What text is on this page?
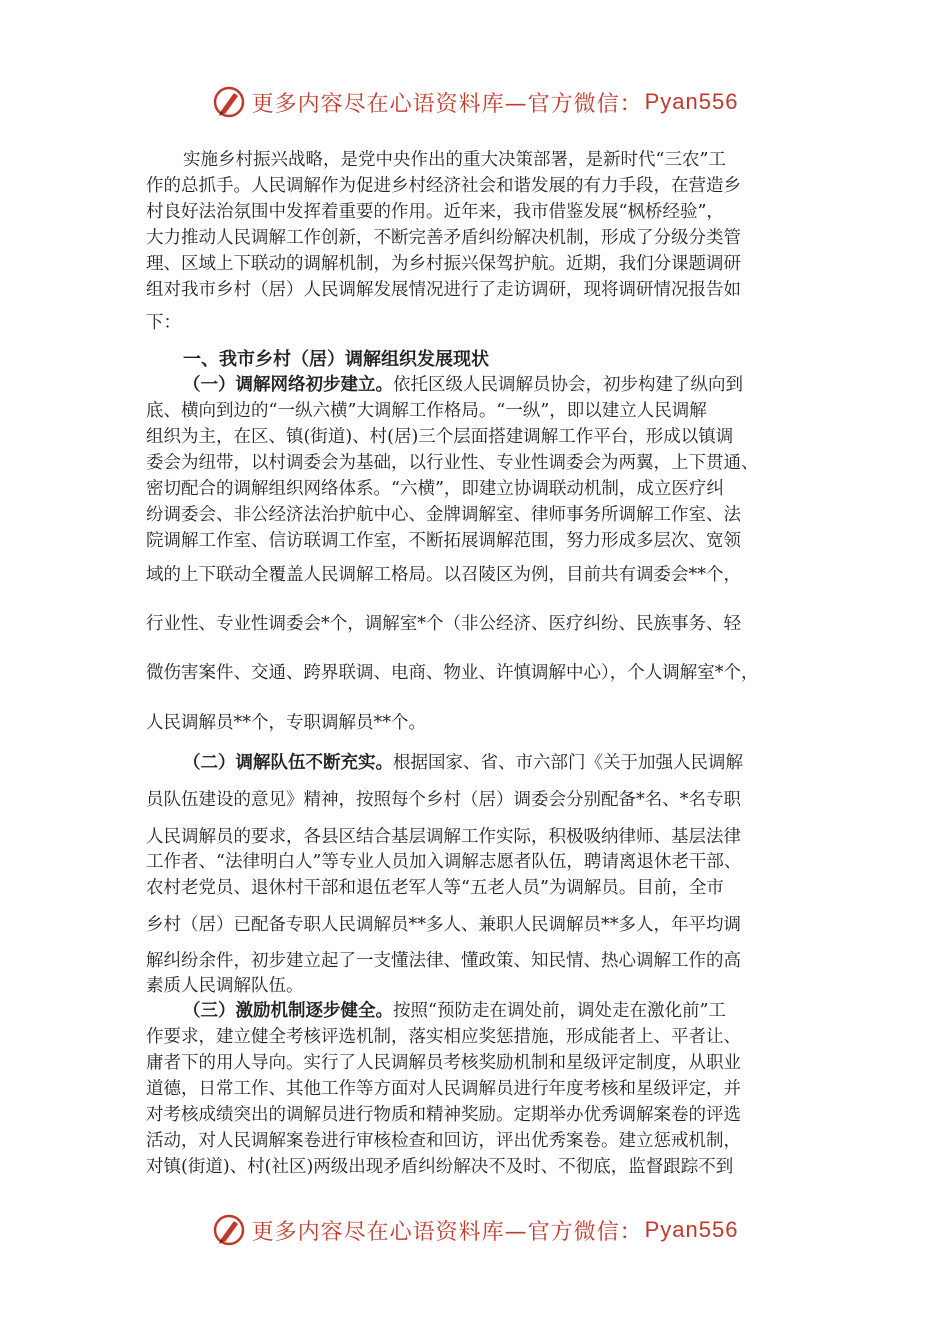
更多内容尽在心语资料库—官方微信： Pyan556
实施乡村振兴战略，是党中央作出的重大决策部署，是新时代“三农”工
作的总抓手。人民调解作为促进乡村经济社会和谐发展的有力手段，在营造乡
村良好法治氛围中发挥着重要的作用。近年来，我市借鉴发展“枫桥经验”，
大力推动人民调解工作创新，不断完善矛盾纠纷解决机制，形成了分级分类管
理、区域上下联动的调解机制，为乡村振兴保驾护航。近期，我们分课题调研
组对我市乡村（居）人民调解发展情况进行了走访调研，现将调研情况报告如
下：
一、我市乡村（居）调解组织发展现状
（一）调解网络初步建立。依托区级人民调解员协会，初步构建了纵向到
底、横向到边的“一纵六横”大调解工作格局。“一纵”，即以建立人民调解
组织为主，在区、镇(街道)、村(居)三个层面搭建调解工作平台，形成以镇调
委会为纽带，以村调委会为基础，以行业性、专业性调委会为两翼，上下贯通、
密切配合的调解组织网络体系。“六横”，即建立协调联动机制，成立医疗纠
纷调委会、非公经济法治护航中心、金牌调解室、律师事务所调解工作室、法
院调解工作室、信访联调工作室，不断拓展调解范围，努力形成多层次、宽领
域的上下联动全覆盖人民调解工格局。以召陵区为例，目前共有调委会**个，
行业性、专业性调委会*个，调解室*个（非公经济、医疗纠纷、民族事务、轻
微伤害案件、交通、跨界联调、电商、物业、许慎调解中心），个人调解室*个，
人民调解员**个，专职调解员**个。
（二）调解队伍不断充实。根据国家、省、市六部门《关于加强人民调解
员队伍建设的意见》精神，按照每个乡村（居）调委会分别配备*名、*名专职
人民调解员的要求，各县区结合基层调解工作实际，积极吸纳律师、基层法律
工作者、“法律明白人”等专业人员加入调解志愿者队伍，聘请离退休老干部、
农村老党员、退休村干部和退伍老军人等“五老人员”为调解员。目前，全市
乡村（居）已配备专职人民调解员**多人、兼职人民调解员**多人，年平均调
解纠纷余件，初步建立起了一支懂法律、懂政策、知民情、热心调解工作的高
素质人民调解队伍。
（三）激励机制逐步健全。按照“预防走在调处前，调处走在激化前”工
作要求，建立健全考核评选机制，落实相应奖惩措施，形成能者上、平者让、
庸者下的用人导向。实行了人民调解员考核奖励机制和星级评定制度，从职业
道德，日常工作、其他工作等方面对人民调解员进行年度考核和星级评定，并
对考核成绩突出的调解员进行物质和精神奖励。定期举办优秀调解案卷的评选
活动，对人民调解案卷进行审核检查和回访，评出优秀案卷。建立惩戒机制，
对镇(街道)、村(社区)两级出现矛盾纠纷解决不及时、不彻底，监督跟踪不到
更多内容尽在心语资料库—官方微信： Pyan556
